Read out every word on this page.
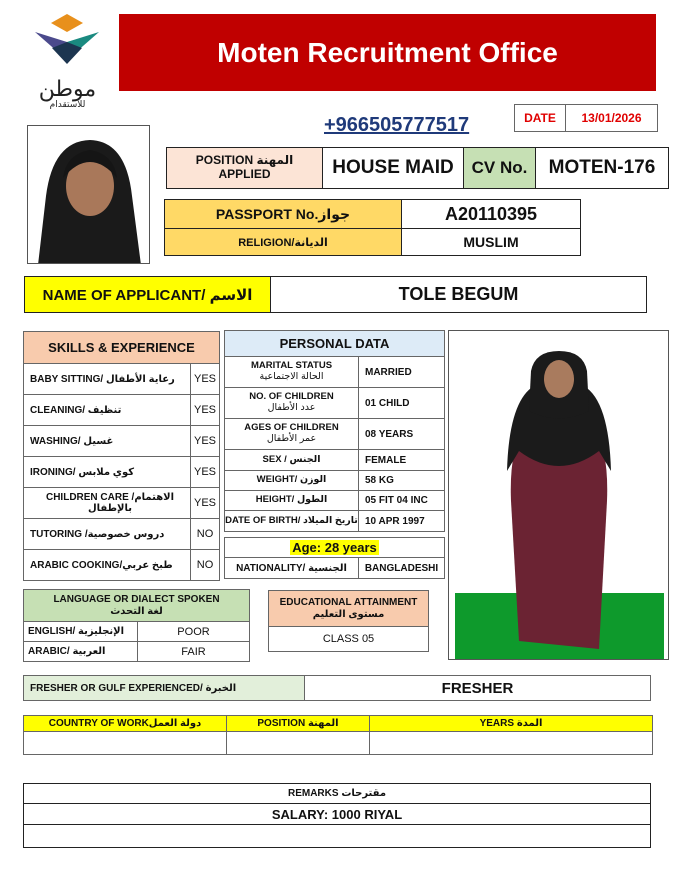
موطن
للاستقدام
Moten Recruitment Office
+966505777517	DATE	13/01/2026
POSITION المهنة
APPLIED	HOUSE MAID	CV No.	MOTEN-176
PASSPORT No.جواز	A20110395
RELIGION/الديانة	MUSLIM
NAME OF APPLICANT/ الاسم	TOLE BEGUM
SKILLS & EXPERIENCE	PERSONAL DATA
Age: 28 years
NATIONALITY/ الجنسية	BANGLADESHI
LANGUAGE OR DIALECT SPOKEN
لغة التحدث
EDUCATIONAL ATTAINMENT
مستوى التعليم
CLASS 05
FRESHER OR GULF EXPERIENCED/ الخبرة	FRESHER
COUNTRY OF WORKدولة العمل	POSITION المهنة	YEARS المدة
REMARKS مقترحات
SALARY: 1000 RIYAL
BABY SITTING/ رعاية الأطفال	YES
CLEANING/ تنظيف	YES
WASHING/ غسيل	YES
IRONING/ كوي ملابس	YES
CHILDREN CARE /الاهتمام بالإطفال	YES
TUTORING /دروس خصوصية	NO
ARABIC COOKING/طبخ عربي	NO
MARITAL STATUS
الحالة الاجتماعية	MARRIED
NO. OF CHILDREN
عدد الأطفال	01 CHILD
AGES OF CHILDREN
عمر الأطفال	08 YEARS
SEX / الجنس	FEMALE
WEIGHT/ الوزن	58 KG
HEIGHT/ الطول	05 FIT 04 INC
DATE OF BIRTH/ تاريخ الميلاد 10 APR 1997
ENGLISH/ الإنجليزية	POOR
ARABIC/ العربية	FAIR
